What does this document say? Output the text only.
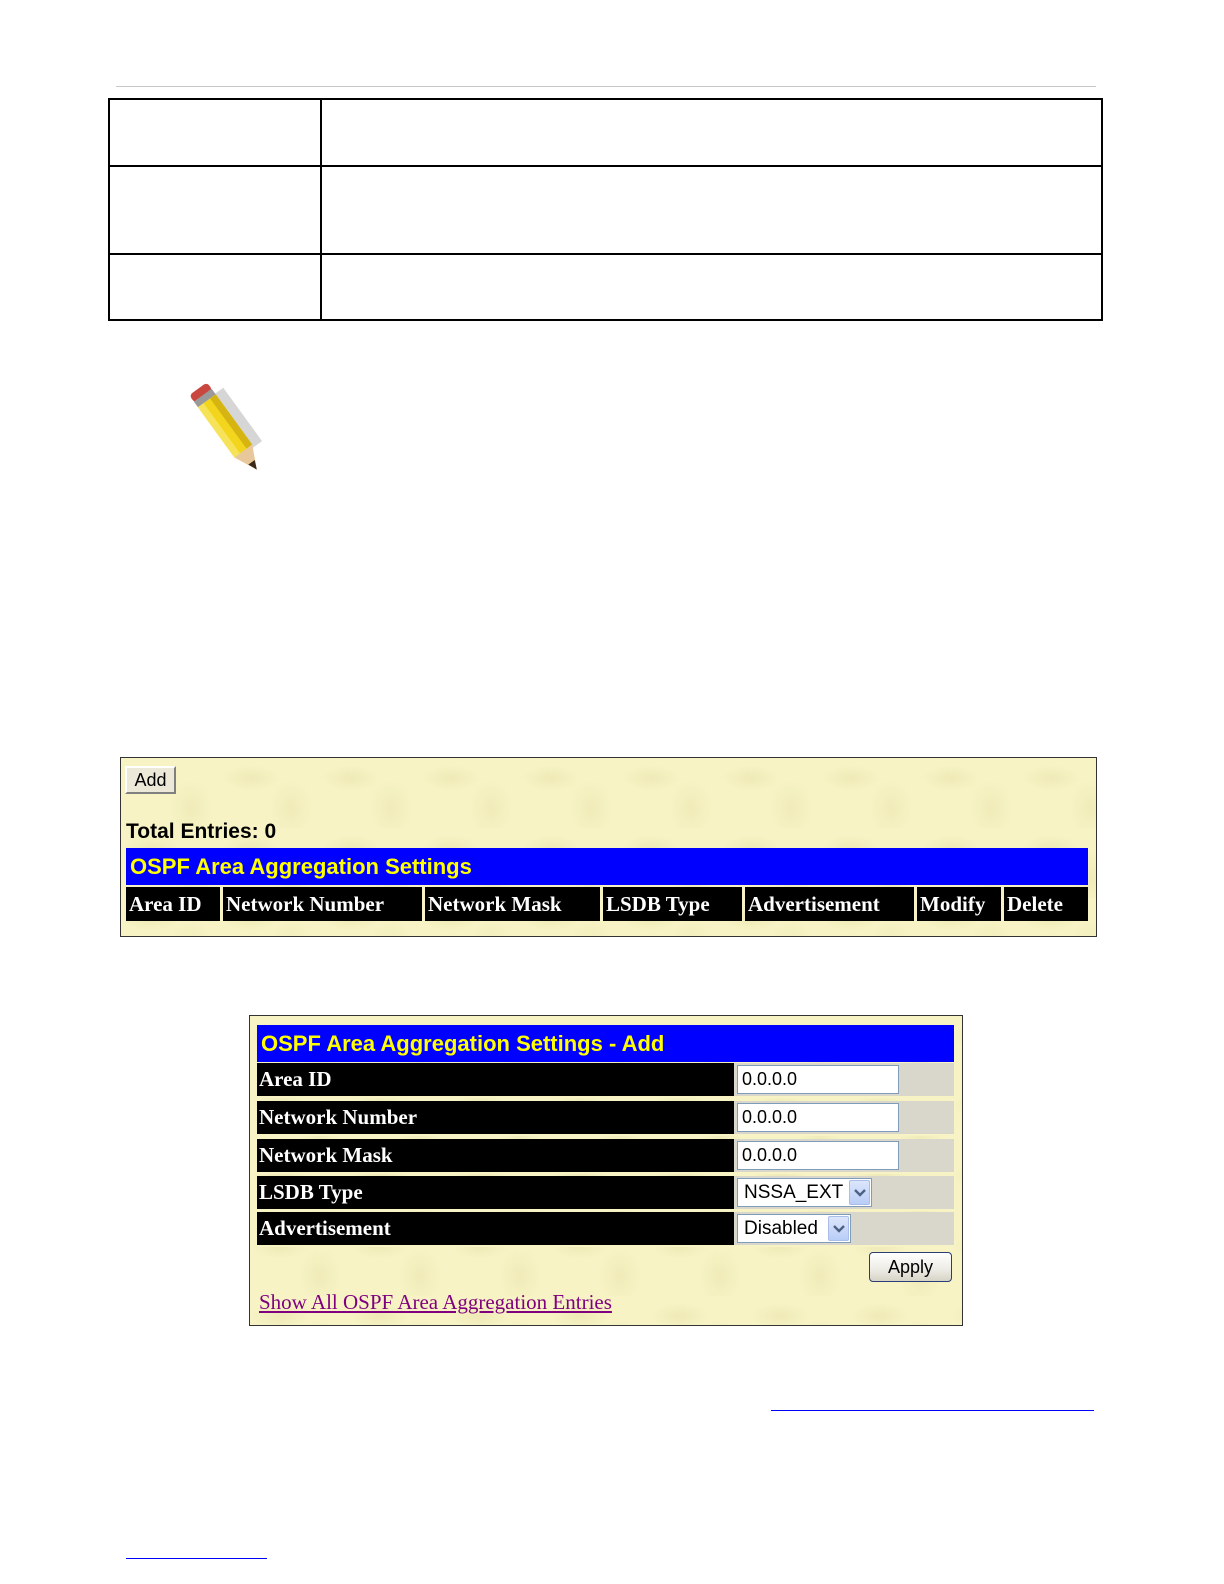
Add
Total Entries: 0
OSPF Area Aggregation Settings
Area ID	Network Number	Network Mask	LSDB Type	Advertisement	Modify	Delete
OSPF Area Aggregation Settings - Add
Area ID	0.0.0.0
Network Number	0.0.0.0
Network Mask	0.0.0.0
LSDB Type	NSSA_EXT
Advertisement	Disabled
Apply
Show All OSPF Area Aggregation Entries
